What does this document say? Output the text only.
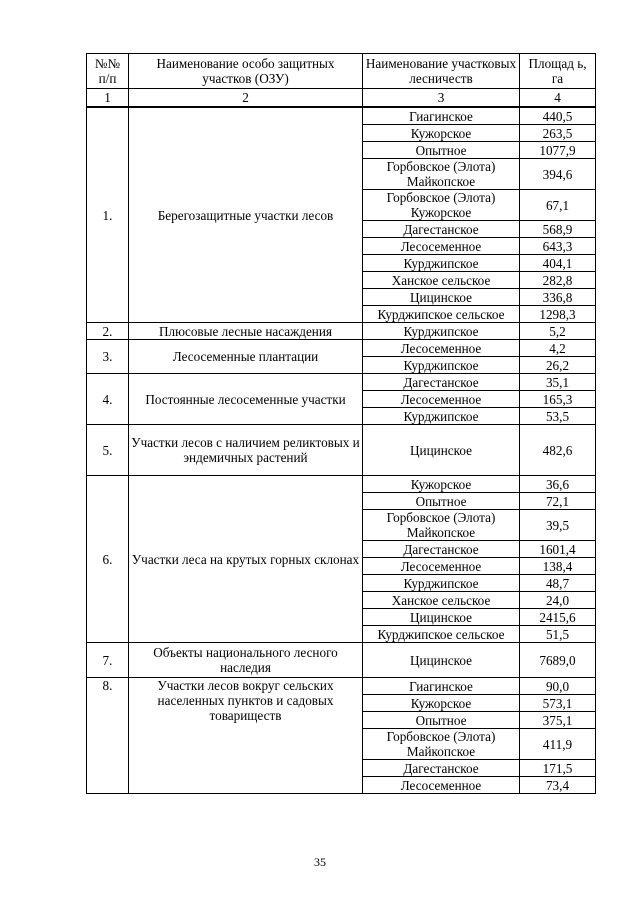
№№ п/п	Наименование особо защитных участков (ОЗУ)	Наименование участковых лесничеств	Площад ь, га
1	2	3	4
1.	Берегозащитные участки лесов	Гиагинское	440,5
		Кужорское	263,5
		Опытное	1077,9
		Горбовское (Элота) Майкопское	394,6
		Горбовское (Элота) Кужорское	67,1
		Дагестанское	568,9
		Лесосеменное	643,3
		Курджипское	404,1
		Ханское сельское	282,8
		Цицинское	336,8
		Курджипское сельское	1298,3
2.	Плюсовые лесные насаждения	Курджипское	5,2
3.	Лесосеменные плантации	Лесосеменное	4,2
		Курджипское	26,2
4.	Постоянные лесосеменные участки	Дагестанское	35,1
		Лесосеменное	165,3
		Курджипское	53,5
5.	Участки лесов с наличием реликтовых и эндемичных растений	Цицинское	482,6
6.	Участки леса на крутых горных склонах	Кужорское	36,6
		Опытное	72,1
		Горбовское (Элота) Майкопское	39,5
		Дагестанское	1601,4
		Лесосеменное	138,4
		Курджипское	48,7
		Ханское сельское	24,0
		Цицинское	2415,6
		Курджипское сельское	51,5
7.	Объекты национального лесного наследия	Цицинское	7689,0
8.	Участки лесов вокруг сельских населенных пунктов и садовых товариществ	Гиагинское	90,0
		Кужорское	573,1
		Опытное	375,1
		Горбовское (Элота) Майкопское	411,9
		Дагестанское	171,5
		Лесосеменное	73,4
35
